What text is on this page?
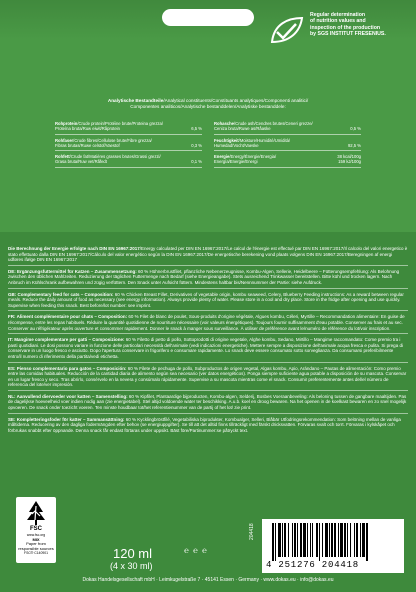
Regular determination
of nutrition values and
inspection of the production
by SGS INSTITUT FRESENIUS.
Analytische Bestandteile/Analytical constituents/Constituants analytiques/Componenti analitici/
Componentes analiticos/Analytische bestanddelen/Analytiske bestanddele:
Rohprotein/Crude protein/Protéine brute/Proteina grezza/
Proteína bruta/Ruw eiwit/Råprotein	6,5 %
Rohfaser/Crude fibres/Cellulose brute/Fibre grezza/
Fibras brutas/Ruwe celstof/Vaestof	0,3 %
Rohfett/Crude fat/Matières grasses brutes/Grassi grezzi/
Grasa bruta/Ruw vet/Råfedt	0,1 %
Rohasche/Crude ash/Cendres brutes/Ceneri grezze/
Ceniza bruta/Ruwe as/Råaske	0,5 %
Feuchtigkeit/Moisture/Humidité/Umidità/
Humedad/Vocht/Vaeske	92,5 %
Energie/Energy/Énergie/Energia/
Energía/Energie/Energi
38 kcal/100g
159 kJ/100g

Die Berechnung der Energie erfolgte nach DIN EN 16967:2017/Energy calculated per DIN EN 16967:2017/Le calcul de l'énergie est effectué par DIN EN 16967:2017/Il calcolo del valori energetico è stato effettuato dalla DIN EN 16967:2017/Cálculo del valor energético según la DIN EN 16967:2017/De energetische berekening vond plaats volgens DIN EN 16967:2017/Beregningen af energi udføres ifølge DIN EN 16967:2017

DE: Ergänzungsfuttermittel für Katzen – Zusammensetzung: 60 % Hühnerbrustfilet, pflanzliche Nebenerzeugnisse, Kombu-Algen, Sellerie, Heidelbeere – Fütterungsempfehlung: Als Belohnung zwischen den üblichen Mahlzeiten. Reduzierung der täglichen Futtermenge nach Bedarf (siehe Energieangabe). Stets ausreichend Trinkwasser bereitstellen. Bitte kühl und trocken lagern. Nach Anbruch im Kühlschrank aufbewahren und zügig verfüttern. Den Snack unter Aufsicht füttern. Mindestens haltbar bis/Nennnummer der Partie: siehe Aufdruck.

GB: Complementary feed for cats – Composition: 60 % Chicken Breast Fillet, Derivatives of vegetable origin, kombu seaweed, Celery, Blueberry Feeding instructions: As a reward between regular meals. Reduce the daily amount of food as necessary (see energy information). Always provide plenty of water. Please store in a cool and dry place. Store in the fridge after opening and use quickly. Supervise when feeding this snack. Best before/lot number: see imprint.

FR: Aliment complémentaire pour chats – Composition: 60 % Filet de blanc de poulet, Sous-produits d'origine végétale, Algues kombu, Céleri, Myrtille – Recommandation alimentaire: En guise de récompense, entre les repas habituels. Réduire la quantité quotidienne de nourriture nécessaire (voir valeurs énergétiques). Toujours fournir suffisamment d'eau potable. Conserver au frais et au sec. Conserver au réfrigérateur après ouverture et consommer rapidement. Donner le snack à manger sous surveillance. À utiliser de préférence avant le/numéro de référence du lot/voir inscription.

IT: Mangime complementare per gatti – Composizione: 60 % Filetto di petto di pollo, Sottoprodotti di origine vegetale, Alghe kombu, Sedano, Mirtillo – Mangime raccomandato: Come premio tra i pasti quotidiani. Le dosi possono variare in funzione delle particolari necessità dell'animale (vedi indicazioni energetiche). Mettere sempre a disposizione dell'animale acqua fresca e pulita. Si prega di conservare in un luogo fresco e asciutto. Dopo l'apertura conservare in frigorifero e consumare rapidamente. Lo snack deve essere consumato sotto sorveglianza. Da consumarsi preferibilmente entro/il numero di riferimento della partita/vedi etichetta.

ES: Pienso complementario para gatos – Composición: 60 % Filete de pechuga de pollo, Subproductos de origen vegetal, Algas kombu, Apio, Arándano – Pautas de alimentación: Como premio entre las comidas habituales. Reducción de la cantidad diaria de alimento según sea necesario (ver datos energéticos). Ponga siempre suficiente agua potable a disposición de su mascota. Conservar en un lugar fresco y seco. Tras abrirlo, consérvelo en la nevera y consúmalo rápidamente. Supervise a su mascota mientras come el snack. Consumir preferentemente antes del/el número de referencia del lote/ver impresión.

NL: Aanvullend diervoeder voor katten – Samenstelling: 60 % Kipfilet, Plantaardige bijproducten, Kombu-algen, Selderij, Bosbes Voeraanbeveling: Als beloning tussen de gangbare maaltijden. Pas de dagelijkse hoeveelheid voer indien nodig aan (zie energietabel). Stel altijd voldoende water ter beschikking. A.u.b. koel en droog bewaren. Na het openen in de koelkast bewaren en zo snel mogelijk opvoeren. De snack onder toezicht voeren. Ten minste houdbaar tot/het referentienummer van de partij of het lot/ zie print.

SE: Kompletteringsfoder för katter – Sammansättning: 60 % Kycklingbröstfilé, Vegetabiliska biprodukter, Kombualger, Selleri, Blåbär Utfodringsrekommendation: Som belöning mellan de vanliga måltiderna. Reducering av den dagliga fodermängden efter behov (se energiuppgifter). Se till att det alltid finns tillräckligt med färskt dricksvatten. Förvaras svalt och torrt. Förvaras i kylskåpet och förbrukas snabbt efter öppnande. Denna snack får endast förtaras under uppsikt. Bäst före/Partinummer:se påtryckt text.

FSC
www.fsc.org
MIX
Paper from responsible sources
FSC® C140901	120 ml
(4 x 30 ml)
℮ ℮ ℮
204418
4 251276 204418
Dokas Handelsgesellschaft mbH · Leimkugelstraße 7 · 45141 Essen · Germany · www.dokas.eu · info@dokas.eu
